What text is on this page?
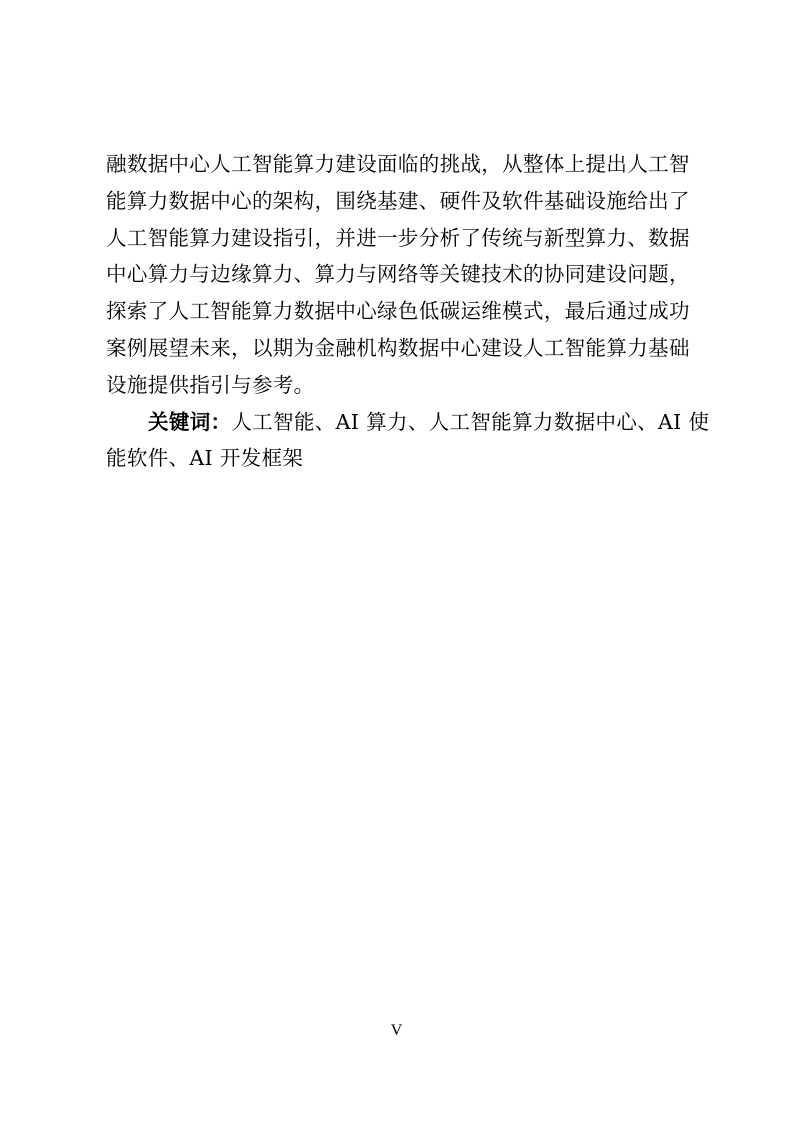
融数据中心人工智能算力建设面临的挑战，从整体上提出人工智
能算力数据中心的架构，围绕基建、硬件及软件基础设施给出了
人工智能算力建设指引，并进一步分析了传统与新型算力、数据
中心算力与边缘算力、算力与网络等关键技术的协同建设问题，
探索了人工智能算力数据中心绿色低碳运维模式，最后通过成功
案例展望未来，以期为金融机构数据中心建设人工智能算力基础
设施提供指引与参考。
关键词：人工智能、AI 算力、人工智能算力数据中心、AI 使
能软件、AI 开发框架
V
